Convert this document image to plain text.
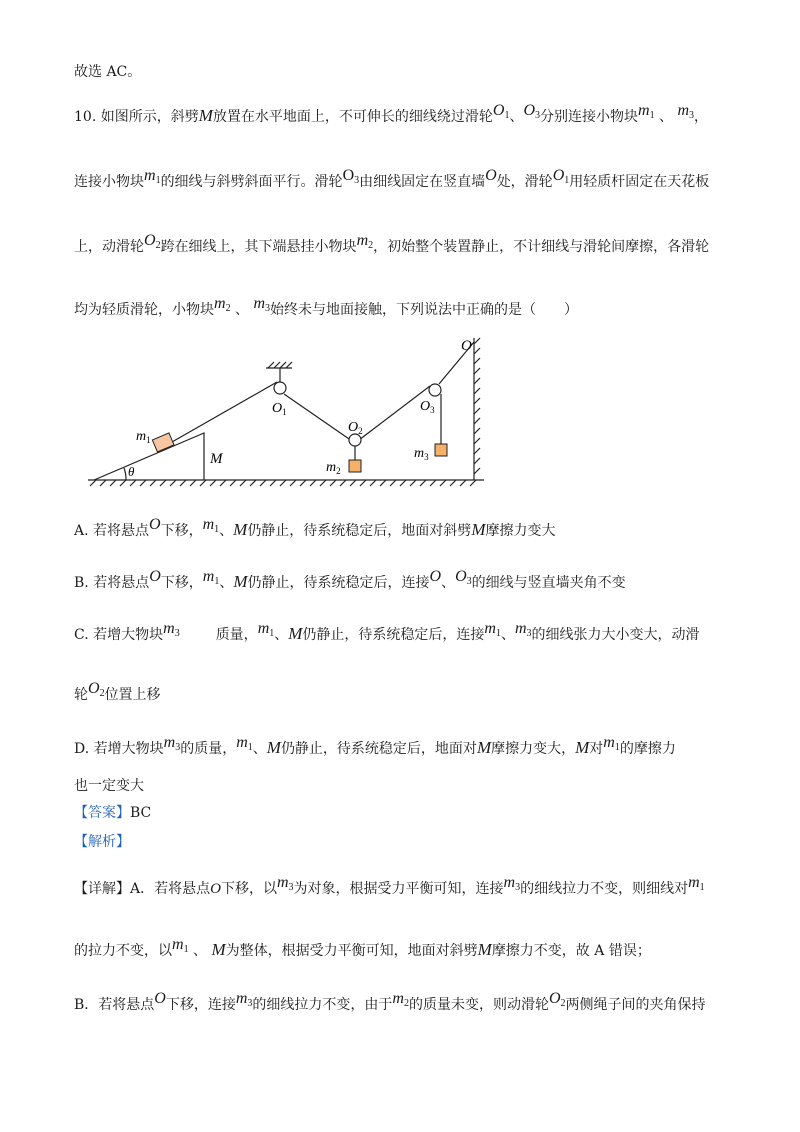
故选 AC。
10. 如图所示，斜劈M放置在水平地面上，不可伸长的细线绕过滑轮$O_1$、$O_3$分别连接小物块$m_1$ 、 $m_3$，
连接小物块$m_1$的细线与斜劈斜面平行。滑轮$O_3$由细线固定在竖直墙O处，滑轮$O_1$用轻质杆固定在天花板
上，动滑轮$O_2$跨在细线上，其下端悬挂小物块$m_2$，初始整个装置静止，不计细线与滑轮间摩擦，各滑轮
均为轻质滑轮，小物块$m_2$ 、 $m_3$始终未与地面接触，下列说法中正确的是（　　）
$m_1$
M
θ
$O_1$
$O_2$
$O_3$
$m_2$
$m_3$
O
A. 若将悬点O下移，$m_1$、M仍静止，待系统稳定后，地面对斜劈M摩擦力变大
B. 若将悬点O下移，$m_1$、M仍静止，待系统稳定后，连接O、$O_3$的细线与竖直墙夹角不变
C. 若增大物块$m_3$	质量，$m_1$、M仍静止，待系统稳定后，连接$m_1$、$m_3$的细线张力大小变大，动滑
轮$O_2$位置上移
D. 若增大物块$m_3$的质量，$m_1$、M仍静止，待系统稳定后，地面对M摩擦力变大，M对$m_1$的摩擦力
也一定变大
【答案】BC
【解析】
【详解】A．若将悬点O下移，以$m_3$为对象，根据受力平衡可知，连接$m_3$的细线拉力不变，则细线对$m_1$
的拉力不变，以$m_1$ 、 M为整体，根据受力平衡可知，地面对斜劈M摩擦力不变，故 A 错误；
B．若将悬点O下移，连接$m_3$的细线拉力不变，由于$m_2$的质量未变，则动滑轮$O_2$两侧绳子间的夹角保持
